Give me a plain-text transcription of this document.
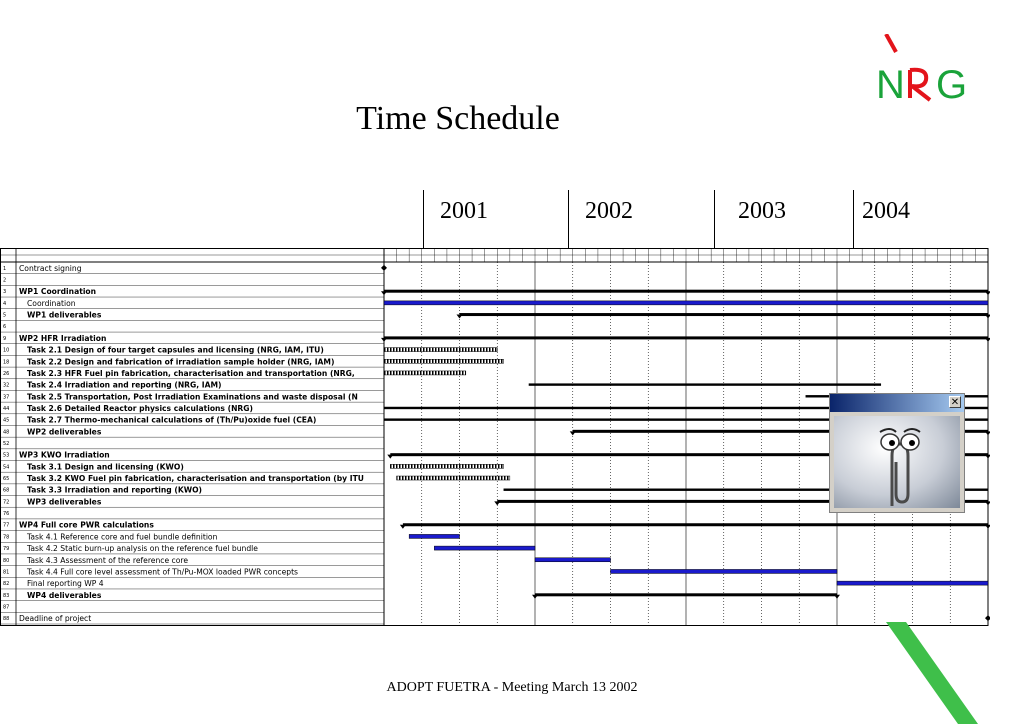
Time Schedule
N G
2001	2002	2003	2004
1 Contract signing
2
3 WP1 Coordination
4	Coordination
5	WP1 deliverables
6
9 WP2 HFR Irradiation
10 Task 2.1 Design of four target capsules and licensing (NRG, IAM, ITU)
18 Task 2.2 Design and fabrication of irradiation sample holder (NRG, IAM)
26 Task 2.3 HFR Fuel pin fabrication, characterisation and transportation (NRG,
32 Task 2.4 Irradiation and reporting (NRG, IAM)
37 Task 2.5 Transportation, Post Irradiation Examinations and waste disposal (N
44 Task 2.6 Detailed Reactor physics calculations (NRG)
45 Task 2.7 Thermo-mechanical calculations of (Th/Pu)oxide fuel (CEA)
48 WP2 deliverables
52
53 WP3 KWO Irradiation
54 Task 3.1 Design and licensing (KWO)
65 Task 3.2 KWO Fuel pin fabrication, characterisation and transportation (by ITU
68 Task 3.3 Irradiation and reporting (KWO)
72 WP3 deliverables
76
77 WP4 Full core PWR calculations
78 Task 4.1 Reference core and fuel bundle definition
79 Task 4.2 Static burn-up analysis on the reference fuel bundle
80 Task 4.3 Assessment of the reference core
81 Task 4.4 Full core level assessment of Th/Pu-MOX loaded PWR concepts
82 Final reporting WP 4
83 WP4 deliverables
87
88 Deadline of project
✕
ADOPT FUETRA - Meeting March 13 2002
